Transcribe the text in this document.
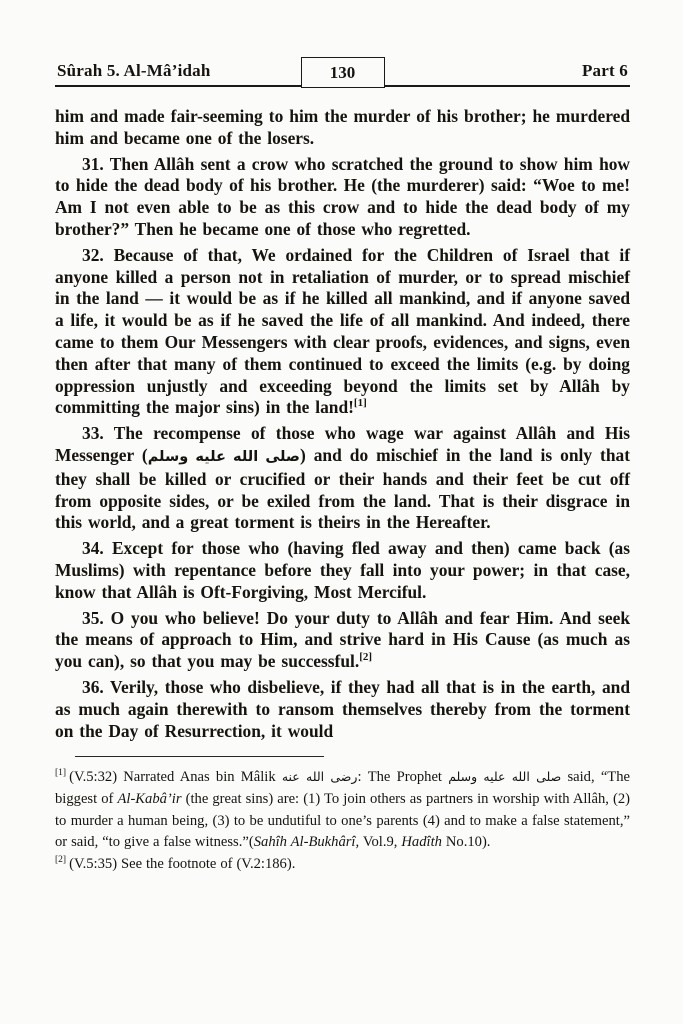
Sûrah 5. Al-Mâ’idah	130	Part 6

him and made fair-seeming to him the murder of his brother; he murdered him and became one of the losers.

31. Then Allâh sent a crow who scratched the ground to show him how to hide the dead body of his brother. He (the murderer) said: “Woe to me! Am I not even able to be as this crow and to hide the dead body of my brother?” Then he became one of those who regretted.

32. Because of that, We ordained for the Children of Israel that if anyone killed a person not in retaliation of murder, or to spread mischief in the land — it would be as if he killed all mankind, and if anyone saved a life, it would be as if he saved the life of all mankind. And indeed, there came to them Our Messengers with clear proofs, evidences, and signs, even then after that many of them continued to exceed the limits (e.g. by doing oppression unjustly and exceeding beyond the limits set by Allâh by committing the major sins) in the land![1]

33. The recompense of those who wage war against Allâh and His Messenger (صلى الله عليه وسلم) and do mischief in the land is only that they shall be killed or crucified or their hands and their feet be cut off from opposite sides, or be exiled from the land. That is their disgrace in this world, and a great torment is theirs in the Hereafter.

34. Except for those who (having fled away and then) came back (as Muslims) with repentance before they fall into your power; in that case, know that Allâh is Oft-Forgiving, Most Merciful.

35. O you who believe! Do your duty to Allâh and fear Him. And seek the means of approach to Him, and strive hard in His Cause (as much as you can), so that you may be successful.[2]

36. Verily, those who disbelieve, if they had all that is in the earth, and as much again therewith to ransom themselves thereby from the torment on the Day of Resurrection, it would

[1] (V.5:32) Narrated Anas bin Mâlik رضى الله عنه: The Prophet صلى الله عليه وسلم said, “The biggest of Al-Kabâ’ir (the great sins) are: (1) To join others as partners in worship with Allâh, (2) to murder a human being, (3) to be undutiful to one’s parents (4) and to make a false statement,” or said, “to give a false witness.”(Sahîh Al-Bukhârî, Vol.9, Hadîth No.10).

[2] (V.5:35) See the footnote of (V.2:186).
